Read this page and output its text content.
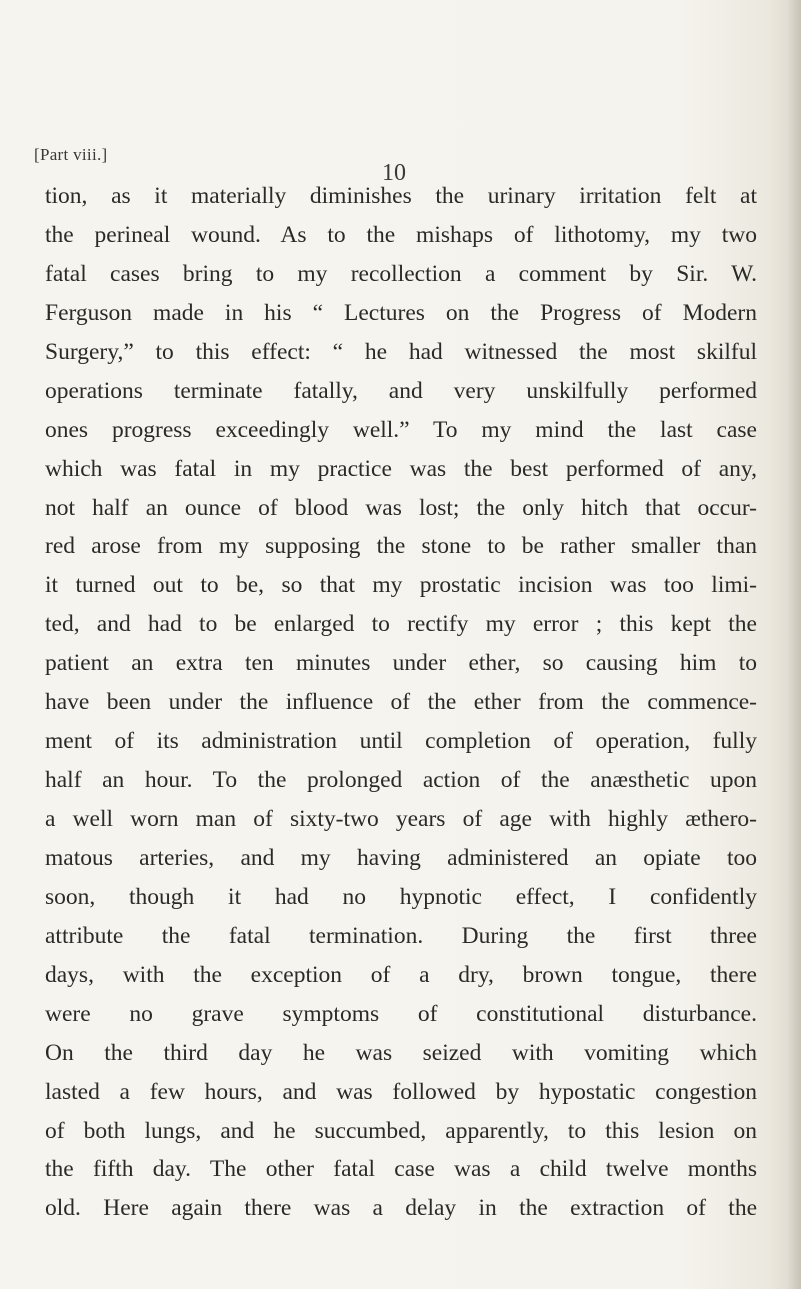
[Part viii.]
10
tion, as it materially diminishes the urinary irritation felt at
the perineal wound. As to the mishaps of lithotomy, my two
fatal cases bring to my recollection a comment by Sir. W.
Ferguson made in his “ Lectures on the Progress of Modern
Surgery,” to this effect: “ he had witnessed the most skilful
operations terminate fatally, and very unskilfully performed
ones progress exceedingly well.” To my mind the last case
which was fatal in my practice was the best performed of any,
not half an ounce of blood was lost; the only hitch that occur-
red arose from my supposing the stone to be rather smaller than
it turned out to be, so that my prostatic incision was too limi-
ted, and had to be enlarged to rectify my error ; this kept the
patient an extra ten minutes under ether, so causing him to
have been under the influence of the ether from the commence-
ment of its administration until completion of operation, fully
half an hour. To the prolonged action of the anæsthetic upon
a well worn man of sixty-two years of age with highly æthero-
matous arteries, and my having administered an opiate too
soon, though it had no hypnotic effect, I confidently
attribute the fatal termination. During the first three
days, with the exception of a dry, brown tongue, there
were no grave symptoms of constitutional disturbance.
On the third day he was seized with vomiting which
lasted a few hours, and was followed by hypostatic congestion
of both lungs, and he succumbed, apparently, to this lesion on
the fifth day. The other fatal case was a child twelve months
old. Here again there was a delay in the extraction of the
